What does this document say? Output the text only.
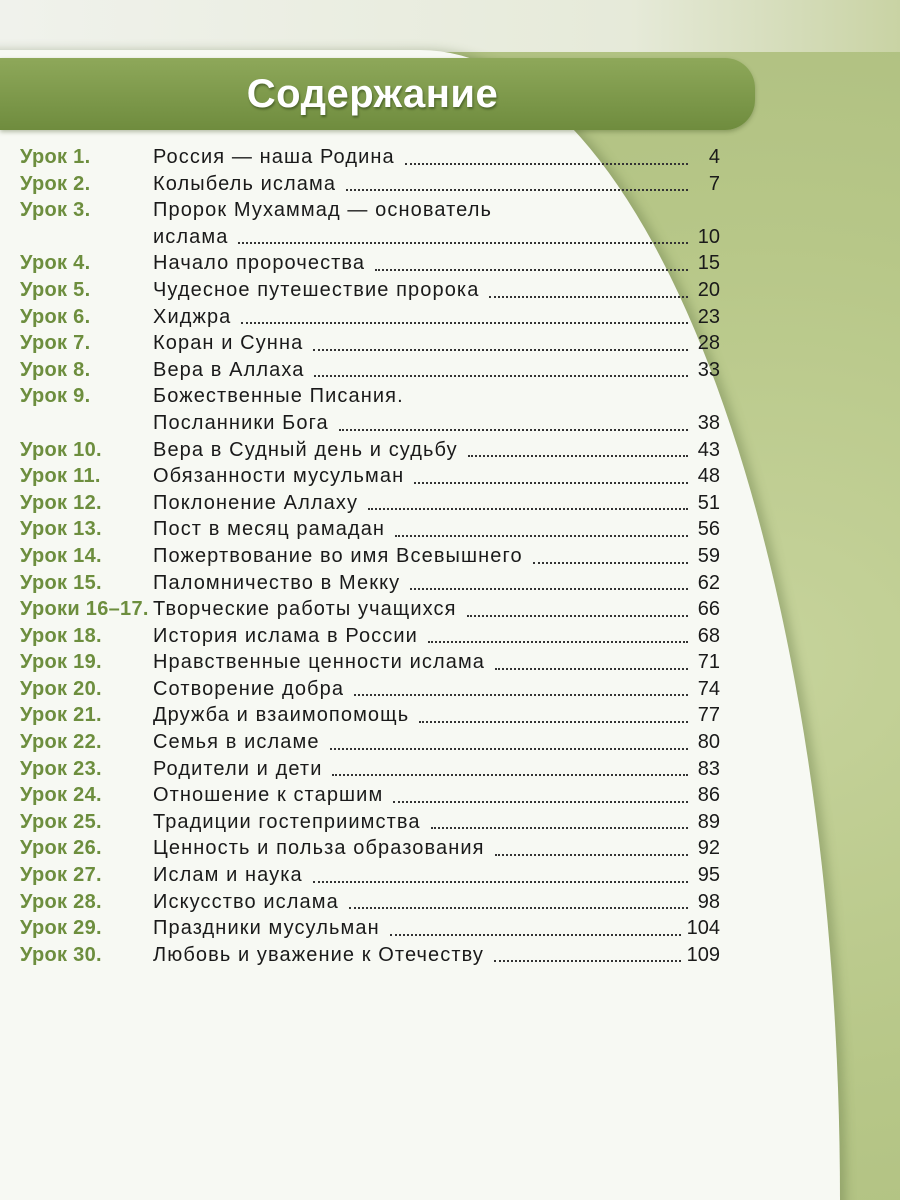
Содержание
Урок 1.	Россия — наша Родина	4
Урок 2.	Колыбель ислама	7
Урок 3.	Пророк Мухаммад — основатель
ислама	10
Урок 4.	Начало пророчества	15
Урок 5.	Чудесное путешествие пророка	20
Урок 6.	Хиджра	23
Урок 7.	Коран и Сунна	28
Урок 8.	Вера в Аллаха	33
Урок 9.	Божественные Писания.
Посланники Бога	38
Урок 10.	Вера в Судный день и судьбу	43
Урок 11.	Обязанности мусульман	48
Урок 12.	Поклонение Аллаху	51
Урок 13.	Пост в месяц рамадан	56
Урок 14.	Пожертвование во имя Всевышнего	59
Урок 15.	Паломничество в Мекку	62
Уроки 16–17. Творческие работы учащихся	66
Урок 18.	История ислама в России	68
Урок 19.	Нравственные ценности ислама	71
Урок 20.	Сотворение добра	74
Урок 21.	Дружба и взаимопомощь	77
Урок 22.	Семья в исламе	80
Урок 23.	Родители и дети	83
Урок 24.	Отношение к старшим	86
Урок 25.	Традиции гостеприимства	89
Урок 26.	Ценность и польза образования	92
Урок 27.	Ислам и наука	95
Урок 28.	Искусство ислама	98
Урок 29.	Праздники мусульман	104
Урок 30.	Любовь и уважение к Отечеству	109
